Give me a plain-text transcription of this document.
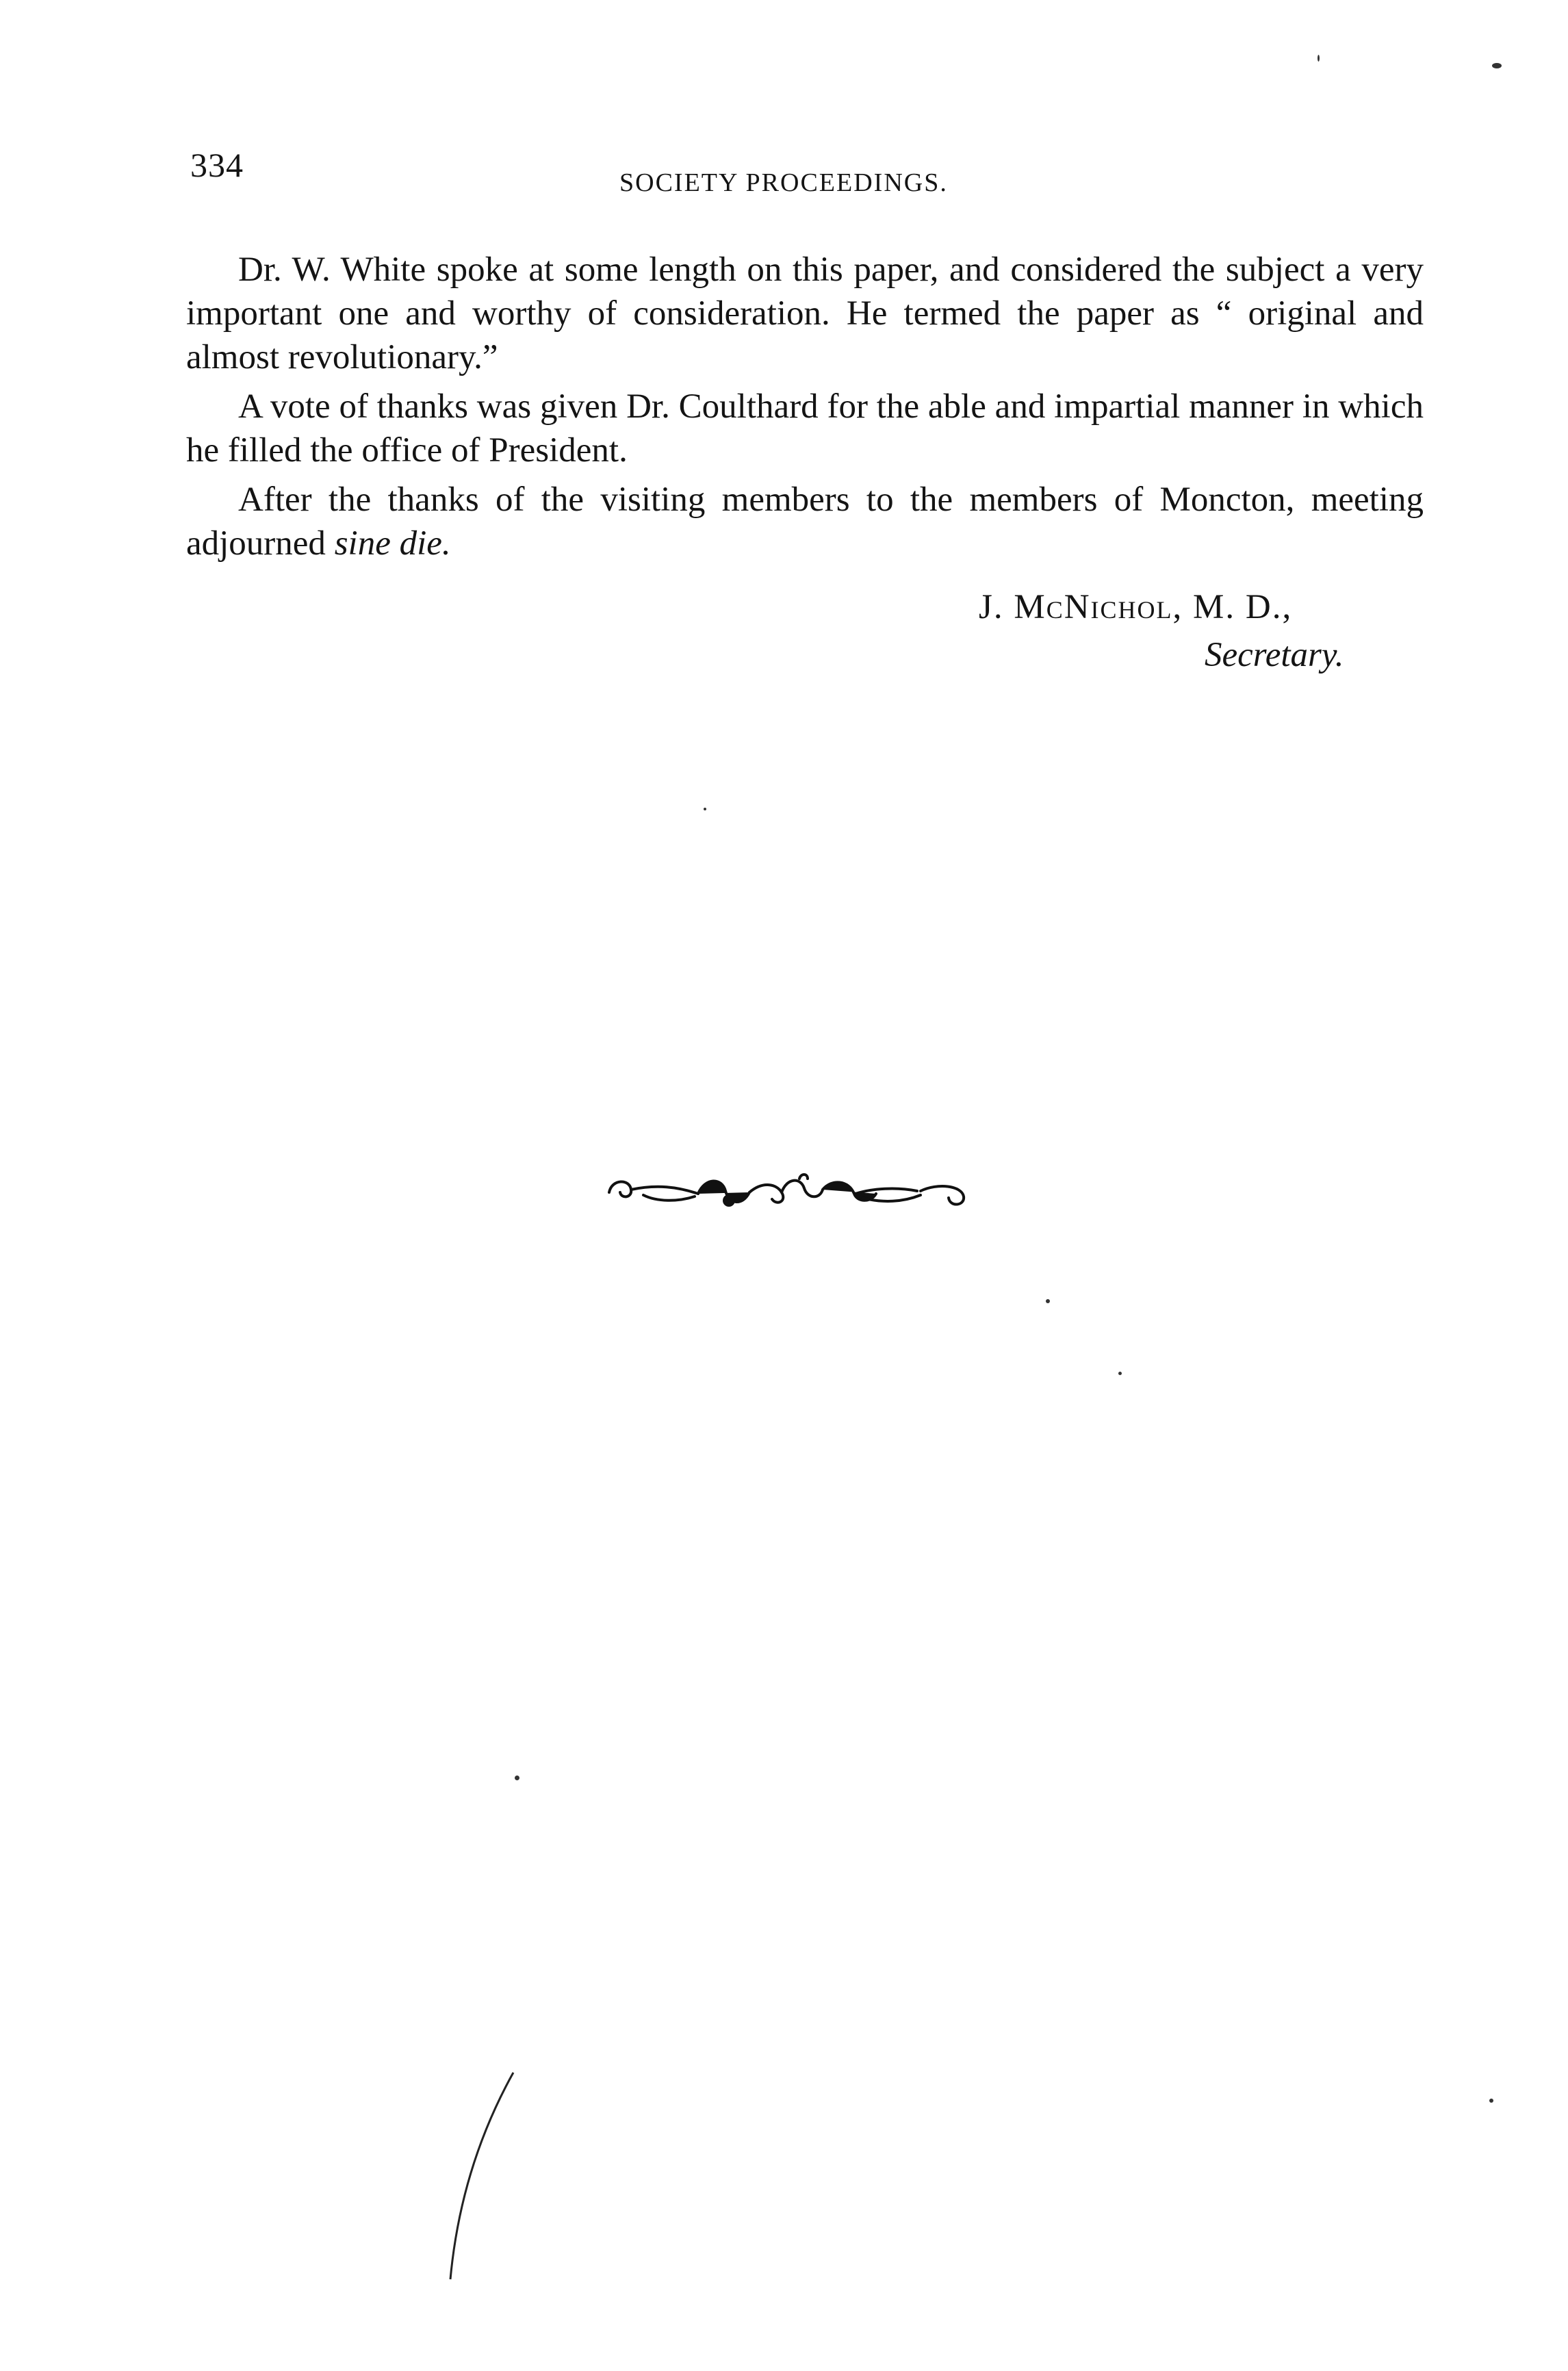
334	SOCIETY PROCEEDINGS.

Dr. W. White spoke at some length on this paper, and considered the subject a very important one and worthy of consideration. He termed the paper as “ original and almost revolutionary.”

A vote of thanks was given Dr. Coulthard for the able and impartial manner in which he filled the office of President.

After the thanks of the visiting members to the members of Moncton, meeting adjourned sine die.

J. McNichol, M. D.,
Secretary.
